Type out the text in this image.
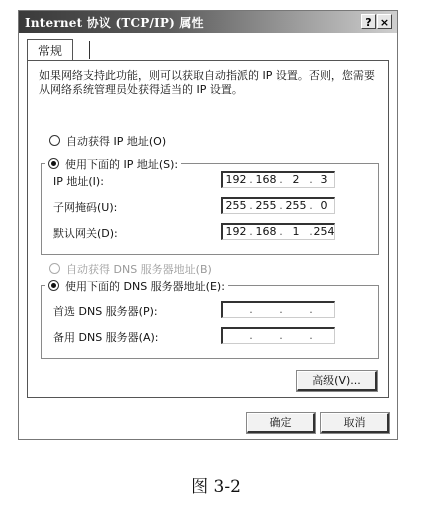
Internet 协议 (TCP/IP) 属性	? ×
常规
如果网络支持此功能，则可以获取自动指派的 IP 设置。否则，您需要从网络系统管理员处获得适当的 IP 设置。
自动获得 IP 地址(O)
使用下面的 IP 地址(S):
IP 地址(I):	192 . 168 . 2 . 3
子网掩码(U):	255 . 255 . 255 . 0
默认网关(D):	192 . 168 . 1 . 254
自动获得 DNS 服务器地址(B)
使用下面的 DNS 服务器地址(E):
首选 DNS 服务器(P):	. . .
备用 DNS 服务器(A):	. . .
高级(V)...
确定	取消
图 3-2
